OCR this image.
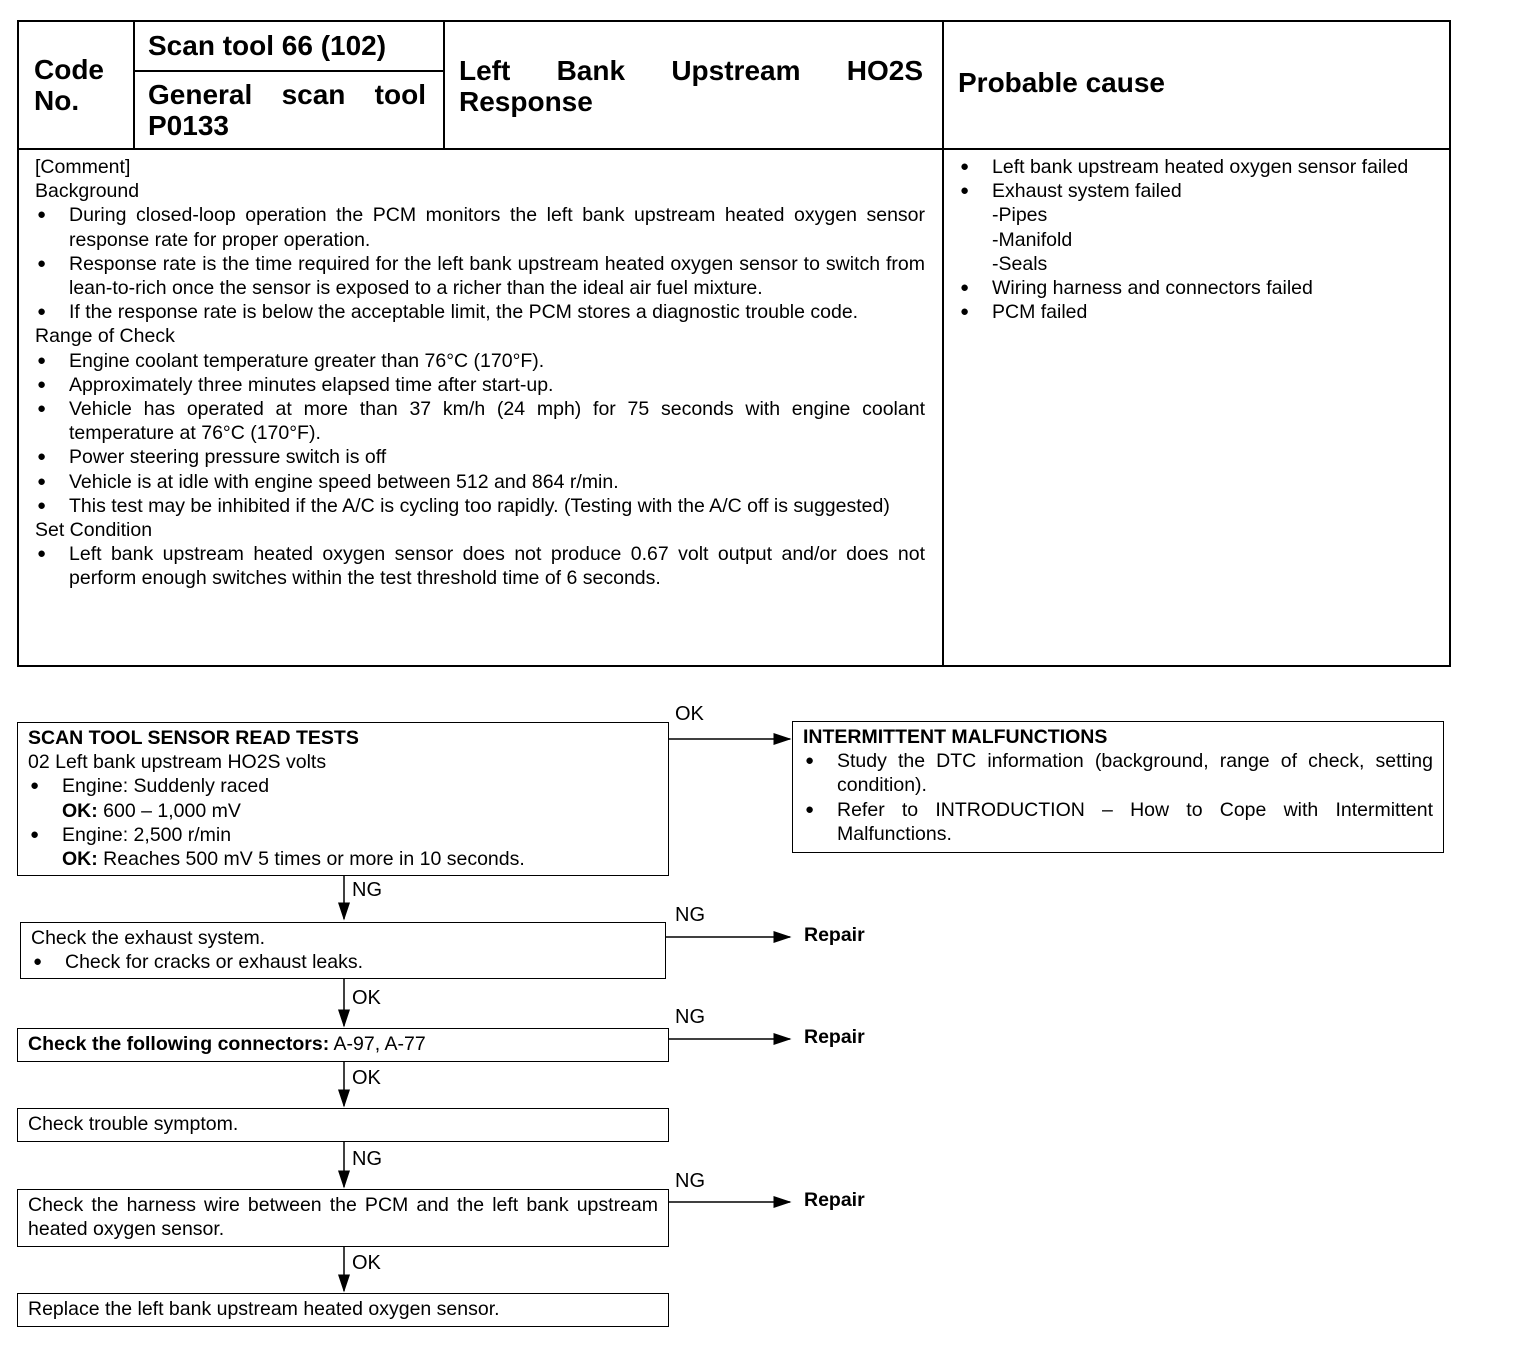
Code No.
Scan tool 66 (102)
General scan tool P0133
Left Bank Upstream HO2S Response
Probable cause
[Comment]
Background
● During closed-loop operation the PCM monitors the left bank upstream heated oxygen sensor response rate for proper operation.
● Response rate is the time required for the left bank upstream heated oxygen sensor to switch from lean-to-rich once the sensor is exposed to a richer than the ideal air fuel mixture.
● If the response rate is below the acceptable limit, the PCM stores a diagnostic trouble code.
Range of Check
● Engine coolant temperature greater than 76°C (170°F).
● Approximately three minutes elapsed time after start-up.
● Vehicle has operated at more than 37 km/h (24 mph) for 75 seconds with engine coolant temperature at 76°C (170°F).
● Power steering pressure switch is off
● Vehicle is at idle with engine speed between 512 and 864 r/min.
● This test may be inhibited if the A/C is cycling too rapidly. (Testing with the A/C off is suggested)
Set Condition
● Left bank upstream heated oxygen sensor does not produce 0.67 volt output and/or does not perform enough switches within the test threshold time of 6 seconds.
● Left bank upstream heated oxygen sensor failed
● Exhaust system failed
-Pipes
-Manifold
-Seals
● Wiring harness and connectors failed
● PCM failed
SCAN TOOL SENSOR READ TESTS
02 Left bank upstream HO2S volts
● Engine: Suddenly raced
OK: 600 – 1,000 mV
● Engine: 2,500 r/min
OK: Reaches 500 mV 5 times or more in 10 seconds.
INTERMITTENT MALFUNCTIONS
● Study the DTC information (background, range of check, setting condition).
● Refer to INTRODUCTION – How to Cope with Intermittent Malfunctions.
Check the exhaust system.
● Check for cracks or exhaust leaks.
Check the following connectors: A-97, A-77
Check trouble symptom.
Check the harness wire between the PCM and the left bank upstream heated oxygen sensor.
Replace the left bank upstream heated oxygen sensor.
Repair
Repair
Repair
OK
NG
NG
OK
NG
OK
NG
NG
OK
